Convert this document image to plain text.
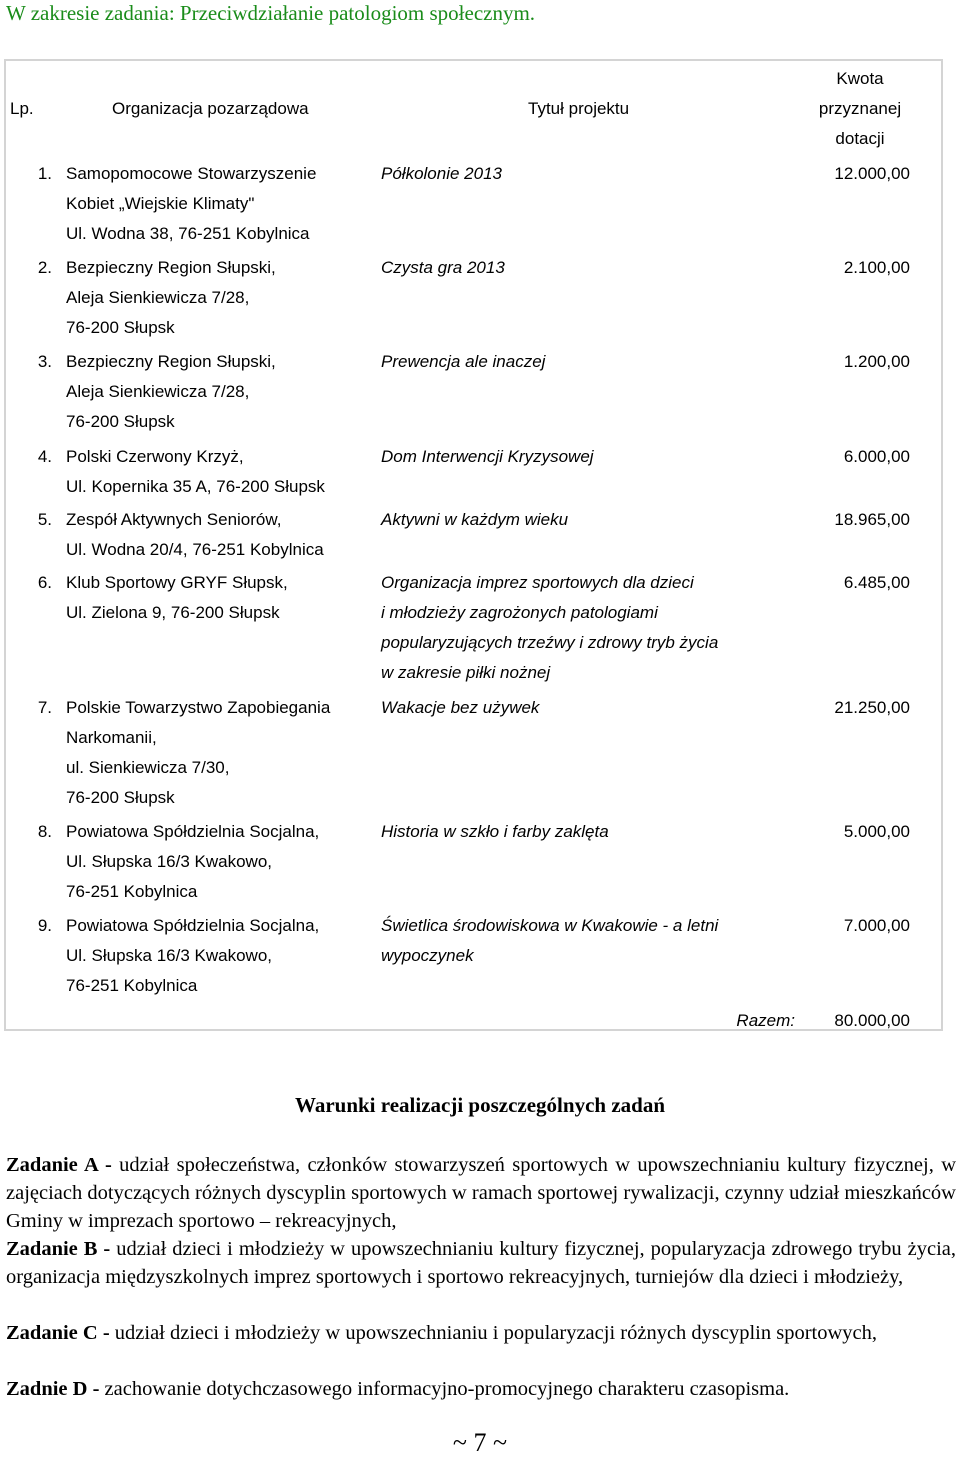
W zakresie zadania: Przeciwdziałanie patologiom społecznym.
Lp.	Organizacja pozarządowa	Tytuł projektu
Kwota
przyznanej
dotacji
1. Samopomocowe Stowarzyszenie
Kobiet „Wiejskie Klimaty"
Ul. Wodna 38, 76-251 Kobylnica
Półkolonie 2013	12.000,00
2. Bezpieczny Region Słupski,
Aleja Sienkiewicza 7/28,
76-200 Słupsk
Czysta gra 2013	2.100,00
3. Bezpieczny Region Słupski,
Aleja Sienkiewicza 7/28,
76-200 Słupsk
Prewencja ale inaczej	1.200,00
4. Polski Czerwony Krzyż,
Ul. Kopernika 35 A, 76-200 Słupsk
Dom Interwencji Kryzysowej	6.000,00
5. Zespół Aktywnych Seniorów,
Ul. Wodna 20/4, 76-251 Kobylnica
Aktywni w każdym wieku	18.965,00
6. Klub Sportowy GRYF Słupsk,
Ul. Zielona 9, 76-200 Słupsk
Organizacja imprez sportowych dla dzieci
i młodzieży zagrożonych patologiami
popularyzujących trzeźwy i zdrowy tryb życia
w zakresie piłki nożnej
6.485,00
7. Polskie Towarzystwo Zapobiegania
Narkomanii,
ul. Sienkiewicza 7/30,
76-200 Słupsk
Wakacje bez używek	21.250,00
8. Powiatowa Spółdzielnia Socjalna,
Ul. Słupska 16/3 Kwakowo,
76-251 Kobylnica
Historia w szkło i farby zaklęta	5.000,00
9. Powiatowa Spółdzielnia Socjalna,
Ul. Słupska 16/3 Kwakowo,
76-251 Kobylnica
Świetlica środowiskowa w Kwakowie - a letni
wypoczynek
7.000,00
Razem:	80.000,00
Warunki realizacji poszczególnych zadań
Zadanie A - udział społeczeństwa, członków stowarzyszeń sportowych w upowszechnianiu kultury fizycznej, w zajęciach dotyczących różnych dyscyplin sportowych w ramach sportowej rywalizacji, czynny udział mieszkańców Gminy w imprezach sportowo – rekreacyjnych,
Zadanie B - udział dzieci i młodzieży w upowszechnianiu kultury fizycznej, popularyzacja zdrowego trybu życia, organizacja międzyszkolnych imprez sportowych i sportowo rekreacyjnych, turniejów dla dzieci i młodzieży,
Zadanie C - udział dzieci i młodzieży w upowszechnianiu i popularyzacji różnych dyscyplin sportowych,
Zadnie D - zachowanie dotychczasowego informacyjno-promocyjnego charakteru czasopisma.
~ 7 ~
